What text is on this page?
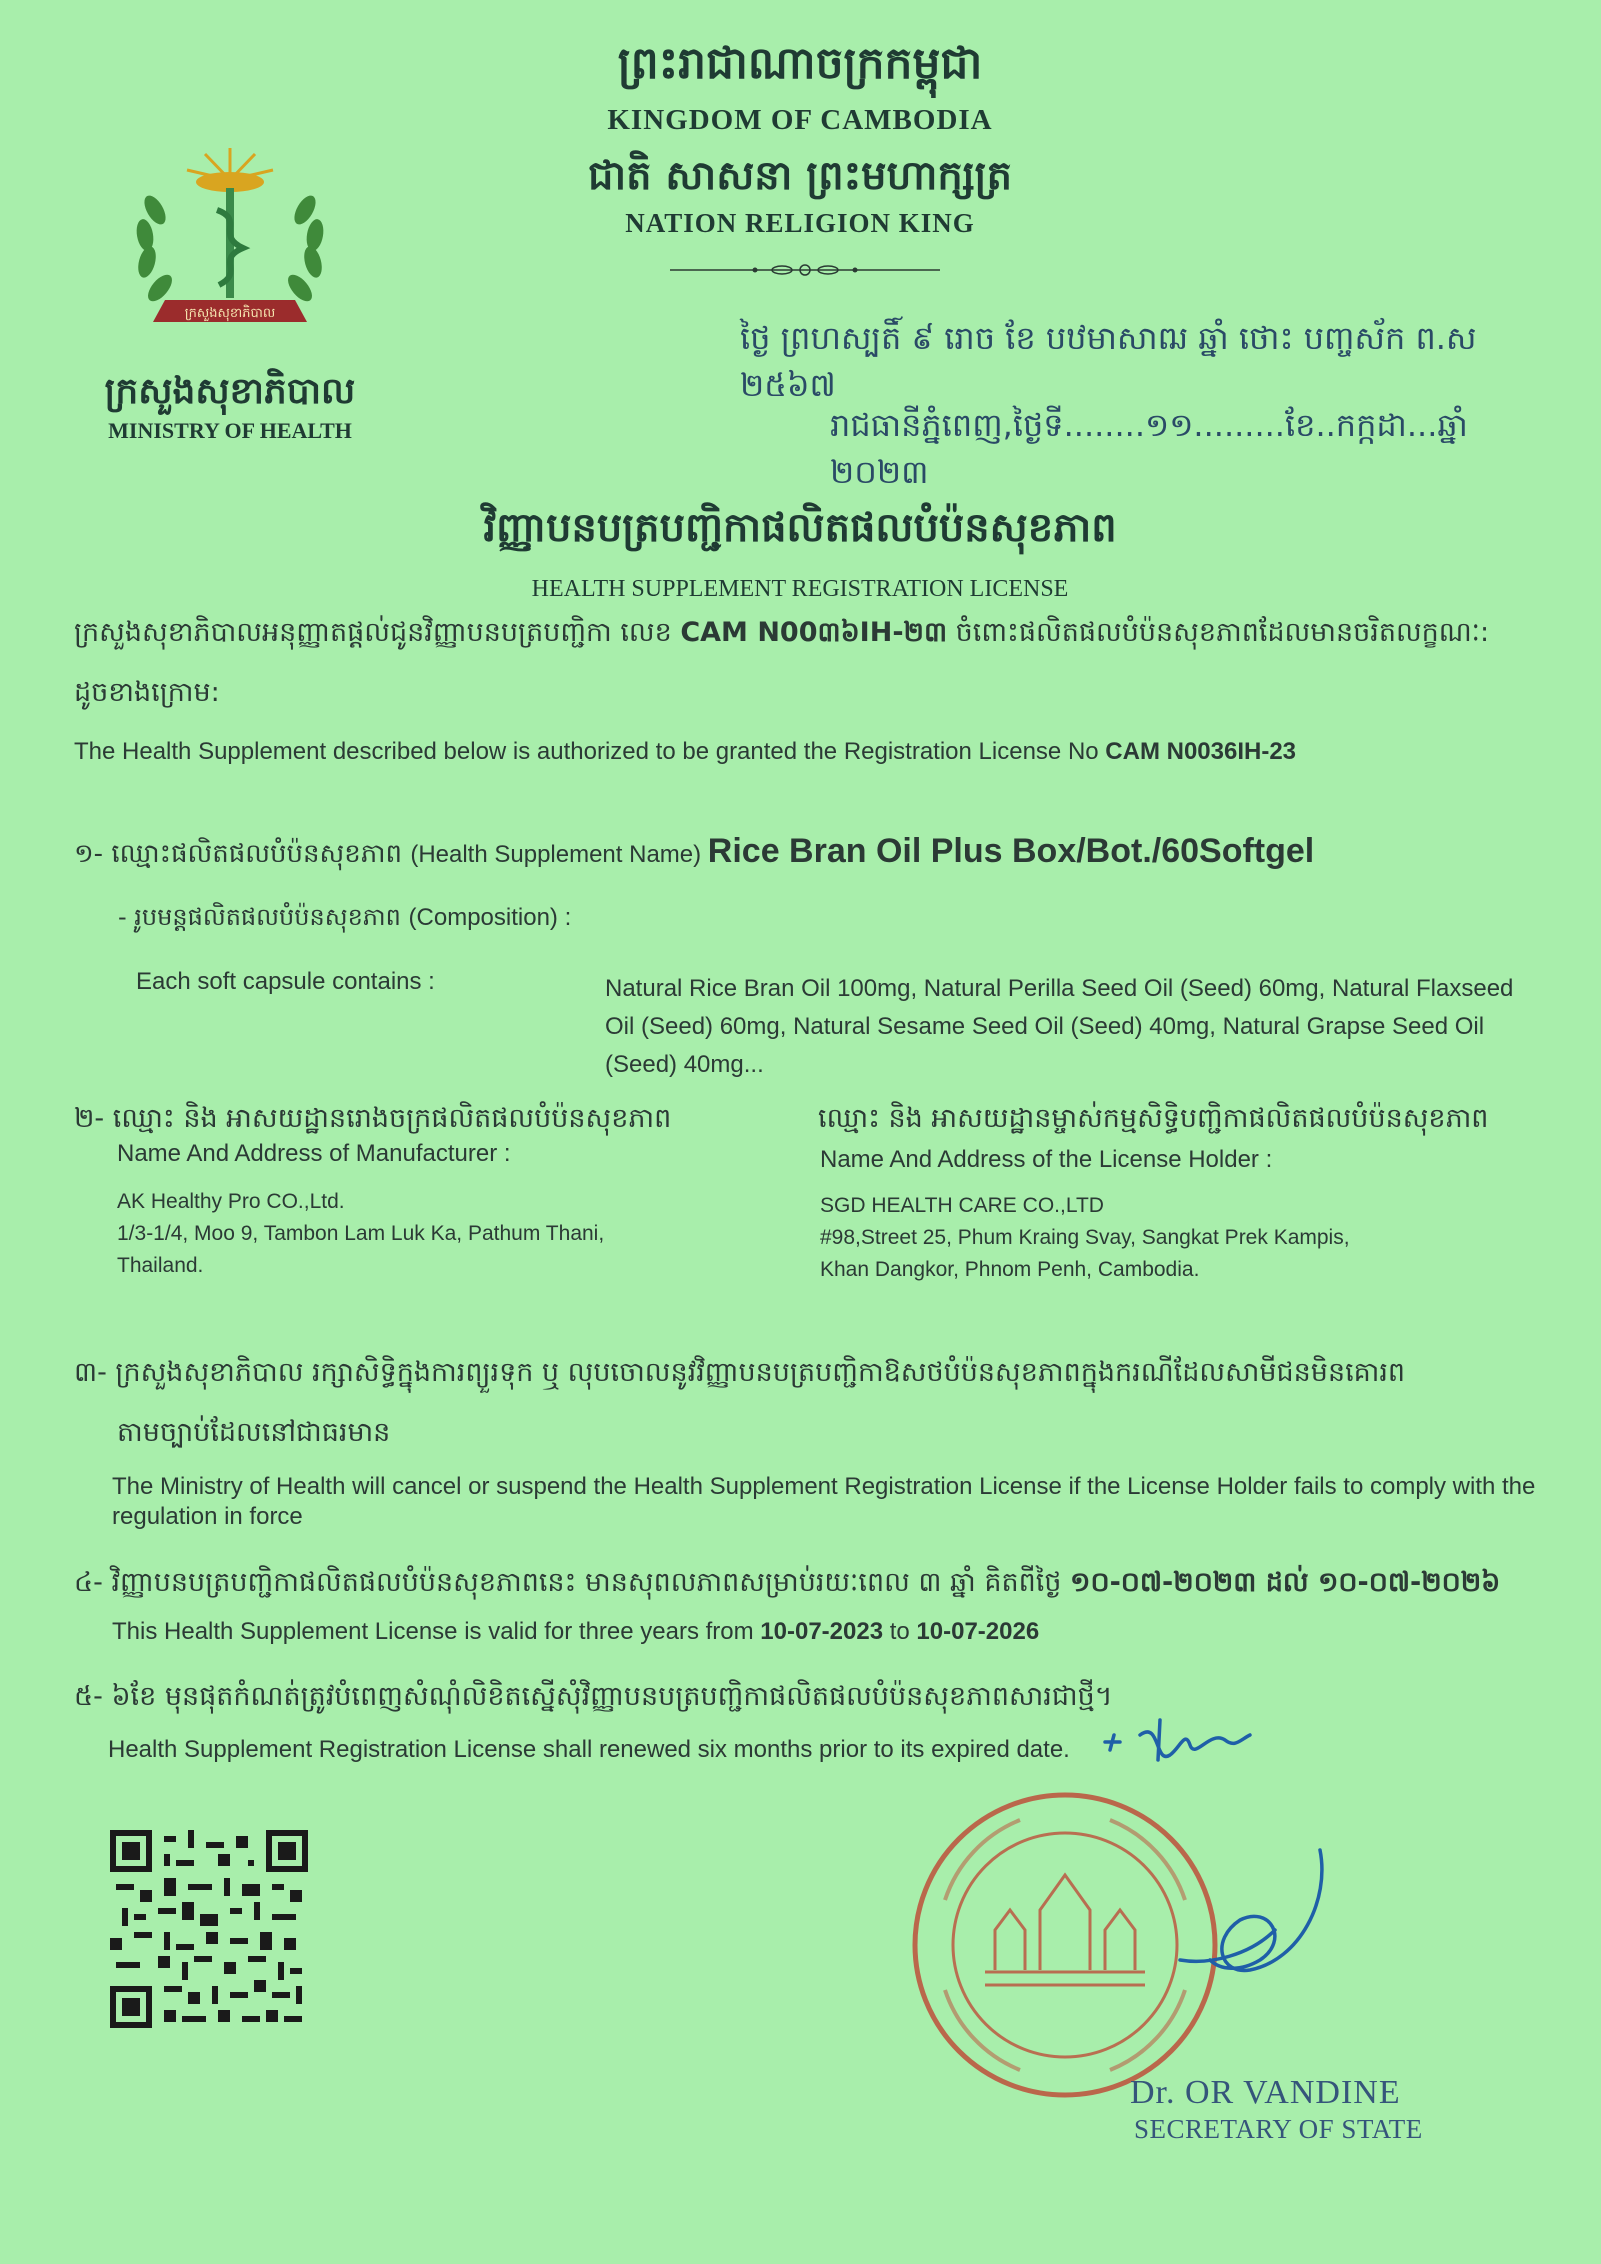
ព្រះរាជាណាចក្រកម្ពុជា
KINGDOM OF CAMBODIA
ជាតិ សាសនា ព្រះមហាក្សត្រ
NATION RELIGION KING
ក្រសួងសុខាភិបាល
ក្រសួងសុខាភិបាល
MINISTRY OF HEALTH
ថ្ងៃ ព្រហស្បតិ៍ ៩ រោច ខែ បឋមាសាឍ ឆ្នាំ ថោះ បញ្ចស័ក ព.ស ២៥៦៧
រាជធានីភ្នំពេញ,ថ្ងៃទី........១១.........ខែ..កក្កដា...ឆ្នាំ ២០២៣
វិញ្ញាបនបត្របញ្ជិកាផលិតផលបំប៉នសុខភាព
HEALTH SUPPLEMENT REGISTRATION LICENSE
ក្រសួងសុខាភិបាលអនុញ្ញាតផ្តល់ជូនវិញ្ញាបនបត្របញ្ជិកា លេខ CAM N00៣៦IH-២៣ ចំពោះផលិតផលបំប៉នសុខភាពដែលមានចរិតលក្ខណៈ:
ដូចខាងក្រោម:
The Health Supplement described below is authorized to be granted the Registration License No CAM N0036IH-23
១- ឈ្មោះផលិតផលបំប៉នសុខភាព (Health Supplement Name) Rice Bran Oil Plus Box/Bot./60Softgel
- រូបមន្តផលិតផលបំប៉នសុខភាព (Composition) :
Each soft capsule contains :	Natural Rice Bran Oil 100mg, Natural Perilla Seed Oil (Seed) 60mg, Natural Flaxseed Oil (Seed) 60mg, Natural Sesame Seed Oil (Seed) 40mg, Natural Grapse Seed Oil (Seed) 40mg...
២- ឈ្មោះ និង អាសយដ្ឋានរោងចក្រផលិតផលបំប៉នសុខភាព
Name And Address of Manufacturer :
AK Healthy Pro CO.,Ltd.
1/3-1/4, Moo 9, Tambon Lam Luk Ka, Pathum Thani,
Thailand.
ឈ្មោះ និង អាសយដ្ឋានម្ចាស់កម្មសិទ្ធិបញ្ជិកាផលិតផលបំប៉នសុខភាព
Name And Address of the License Holder :
SGD HEALTH CARE CO.,LTD
#98,Street 25, Phum Kraing Svay, Sangkat Prek Kampis,
Khan Dangkor, Phnom Penh, Cambodia.
៣- ក្រសួងសុខាភិបាល រក្សាសិទ្ធិក្នុងការព្យួរទុក ឬ លុបចោលនូវវិញ្ញាបនបត្របញ្ជិកាឱសថបំប៉នសុខភាពក្នុងករណីដែលសាមីជនមិនគោរព
តាមច្បាប់ដែលនៅជាធរមាន
The Ministry of Health will cancel or suspend the Health Supplement Registration License if the License Holder fails to comply with the regulation in force
៤- វិញ្ញាបនបត្របញ្ជិកាផលិតផលបំប៉នសុខភាពនេះ មានសុពលភាពសម្រាប់រយៈពេល ៣ ឆ្នាំ គិតពីថ្ងៃ ១០-០៧-២០២៣ ដល់ ១០-០៧-២០២៦
This Health Supplement License is valid for three years from 10-07-2023 to 10-07-2026
៥- ៦ខែ មុនផុតកំណត់ត្រូវបំពេញសំណុំលិខិតស្នើសុំវិញ្ញាបនបត្របញ្ជិកាផលិតផលបំប៉នសុខភាពសារជាថ្មី។
Health Supplement Registration License shall renewed six months prior to its expired date.
Dr. OR VANDINE
SECRETARY OF STATE
